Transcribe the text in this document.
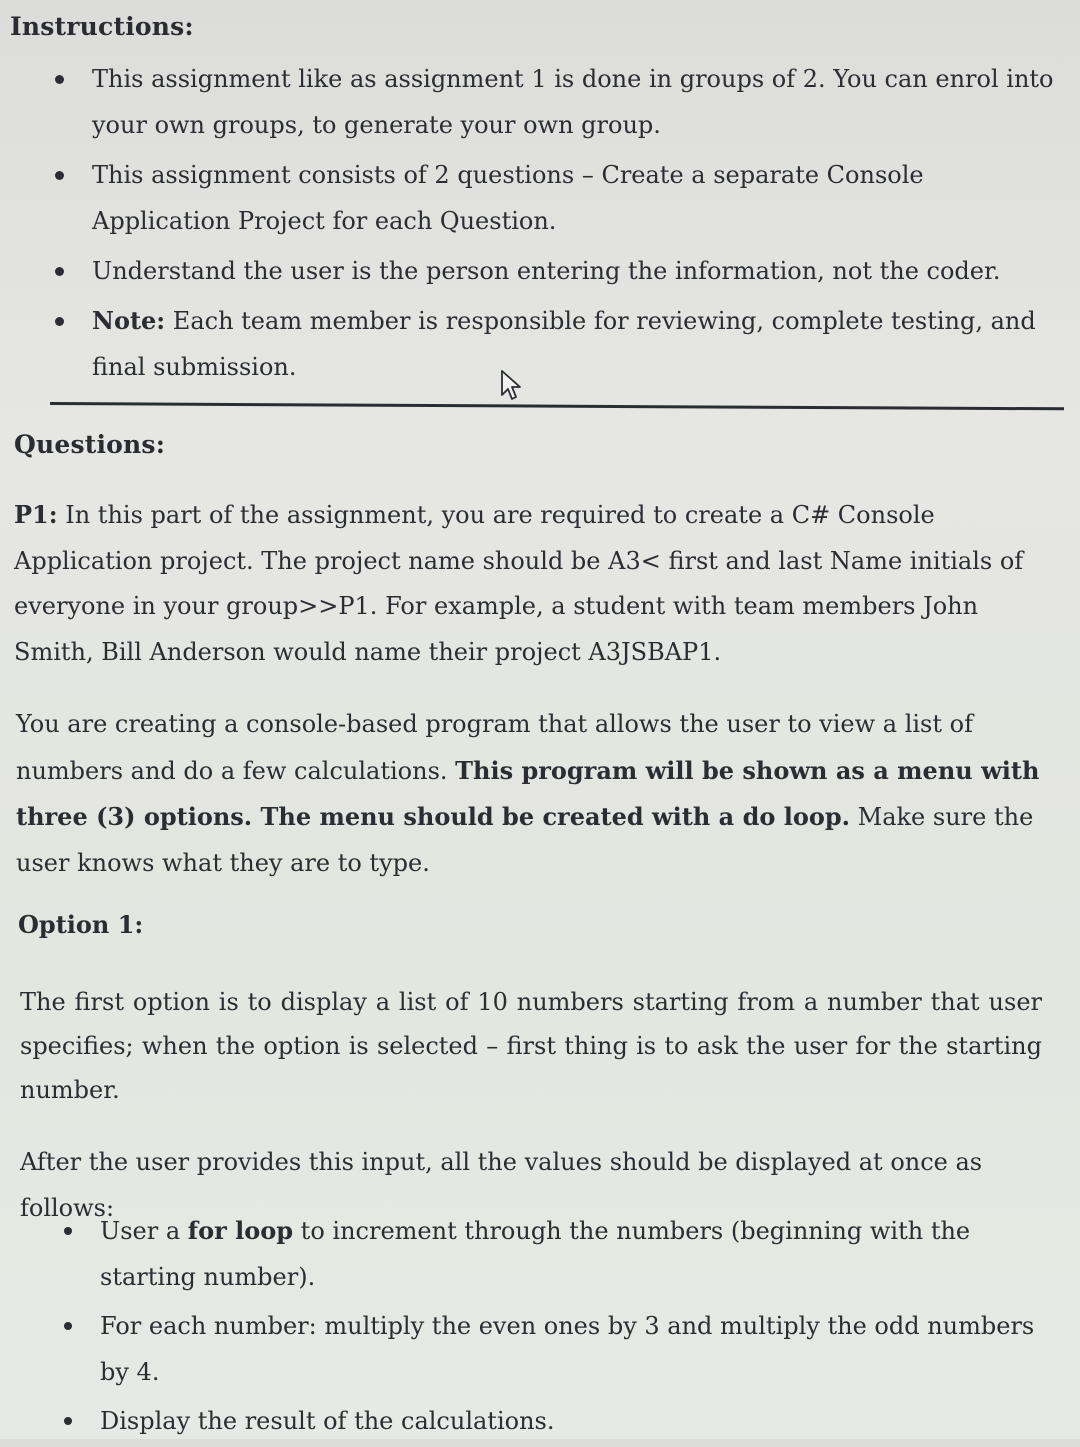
Instructions:
This assignment like as assignment 1 is done in groups of 2. You can enrol into your own groups, to generate your own group.
This assignment consists of 2 questions – Create a separate Console Application Project for each Question.
Understand the user is the person entering the information, not the coder.
Note: Each team member is responsible for reviewing, complete testing, and final submission.
Questions:

P1: In this part of the assignment, you are required to create a C# Console Application project. The project name should be A3< first and last Name initials of everyone in your group>>P1. For example, a student with team members John Smith, Bill Anderson would name their project A3JSBAP1.

You are creating a console-based program that allows the user to view a list of numbers and do a few calculations. This program will be shown as a menu with three (3) options. The menu should be created with a do loop. Make sure the user knows what they are to type.

Option 1:

The first option is to display a list of 10 numbers starting from a number that user specifies; when the option is selected – first thing is to ask the user for the starting number.

After the user provides this input, all the values should be displayed at once as follows:

User a for loop to increment through the numbers (beginning with the starting number).
For each number: multiply the even ones by 3 and multiply the odd numbers by 4.
Display the result of the calculations.
